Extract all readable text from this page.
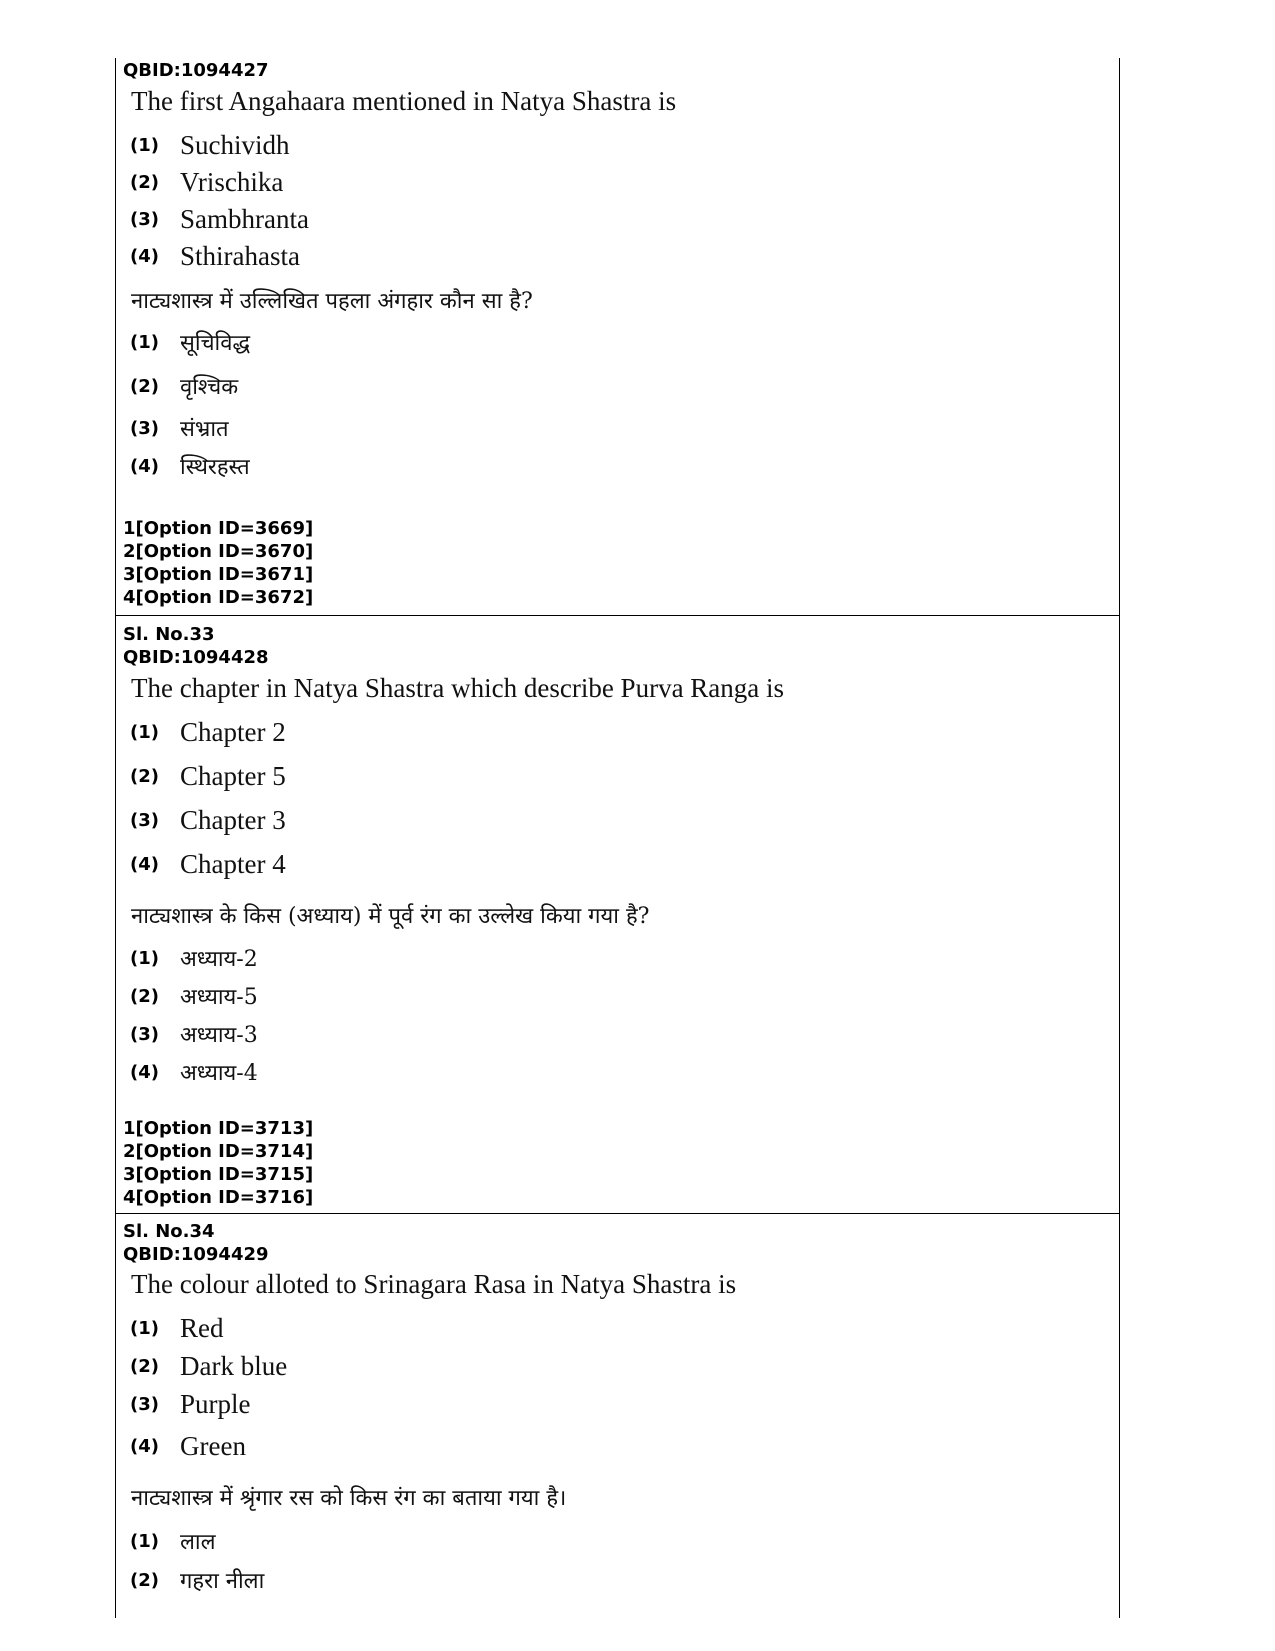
QBID:1094427
The first Angahaara mentioned in Natya Shastra is
(1) Suchividh
(2) Vrischika
(3) Sambhranta
(4) Sthirahasta
नाट्यशास्त्र में उल्लिखित पहला अंगहार कौन सा है?
(1) सूचिविद्ध
(2) वृश्चिक
(3) संभ्रात
(4) स्थिरहस्त
1[Option ID=3669]
2[Option ID=3670]
3[Option ID=3671]
4[Option ID=3672]
Sl. No.33
QBID:1094428
The chapter in Natya Shastra which describe Purva Ranga is
(1) Chapter 2
(2) Chapter 5
(3) Chapter 3
(4) Chapter 4
नाट्यशास्त्र के किस (अध्याय) में पूर्व रंग का उल्लेख किया गया है?
(1) अध्याय-2
(2) अध्याय-5
(3) अध्याय-3
(4) अध्याय-4
1[Option ID=3713]
2[Option ID=3714]
3[Option ID=3715]
4[Option ID=3716]
Sl. No.34
QBID:1094429
The colour alloted to Srinagara Rasa in Natya Shastra is
(1) Red
(2) Dark blue
(3) Purple
(4) Green
नाट्यशास्त्र में श्रृंगार रस को किस रंग का बताया गया है।
(1) लाल
(2) गहरा नीला
